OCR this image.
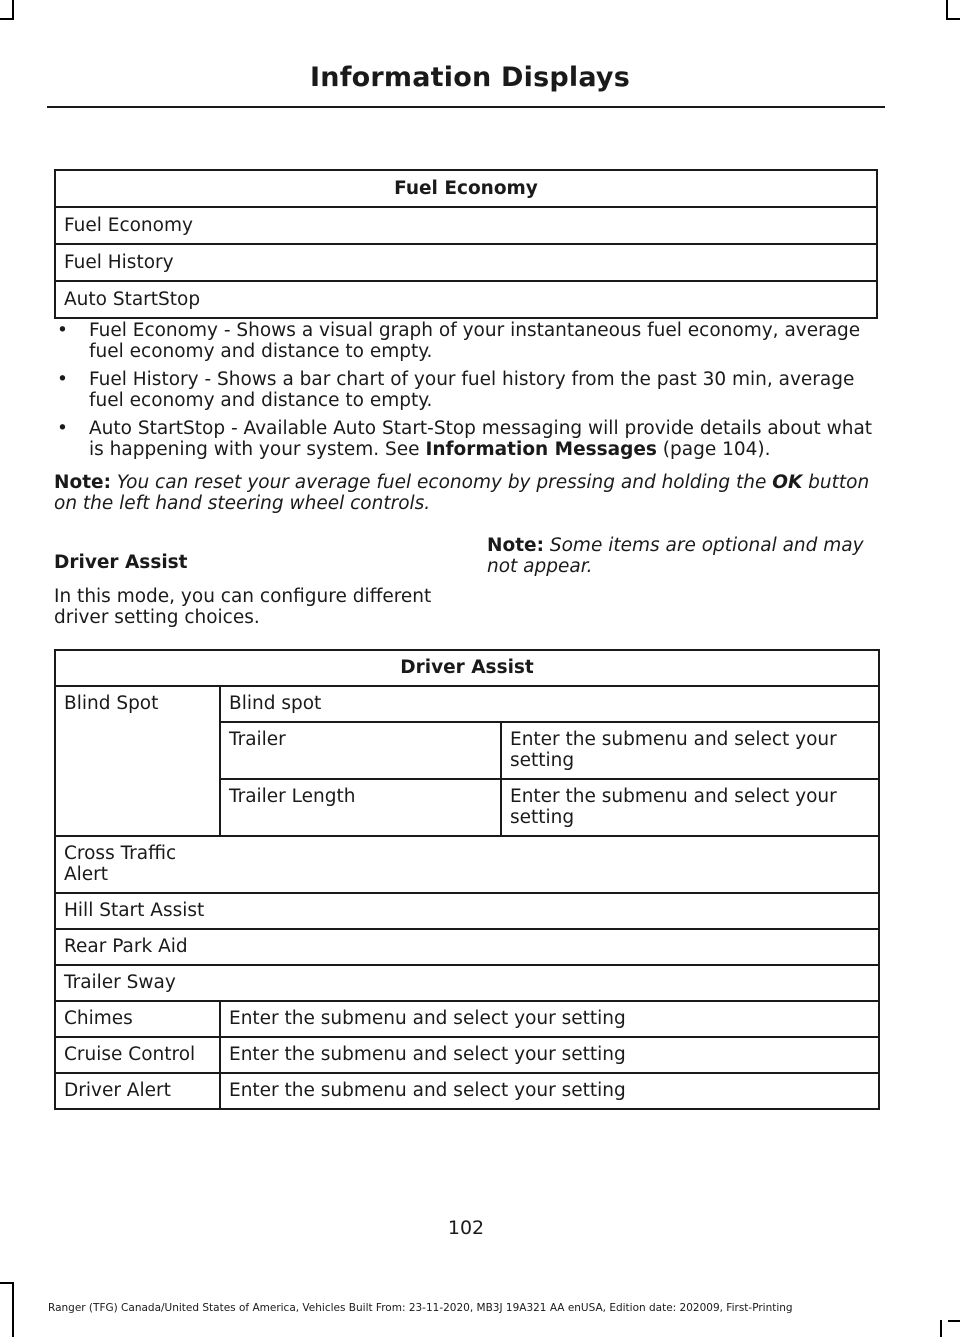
Information Displays
Fuel Economy
Fuel Economy
Fuel History
Auto StartStop
• Fuel Economy - Shows a visual graph of your instantaneous fuel economy, average fuel economy and distance to empty.
• Fuel History - Shows a bar chart of your fuel history from the past 30 min, average fuel economy and distance to empty.
• Auto StartStop - Available Auto Start-Stop messaging will provide details about what is happening with your system. See Information Messages (page 104).
Note: You can reset your average fuel economy by pressing and holding the OK button on the left hand steering wheel controls.
Driver Assist
In this mode, you can configure different driver setting choices.
Note: Some items are optional and may not appear.
Driver Assist		
Blind Spot	Blind spot	
	Trailer	Enter the submenu and select your setting
	Trailer Length	Enter the submenu and select your setting
Cross Traffic
Alert		
Hill Start Assist		
Rear Park Aid		
Trailer Sway		
Chimes	Enter the submenu and select your setting	
Cruise Control	Enter the submenu and select your setting	
Driver Alert	Enter the submenu and select your setting	
102
Ranger (TFG) Canada/United States of America, Vehicles Built From: 23-11-2020, MB3J 19A321 AA enUSA, Edition date: 202009, First-Printing
